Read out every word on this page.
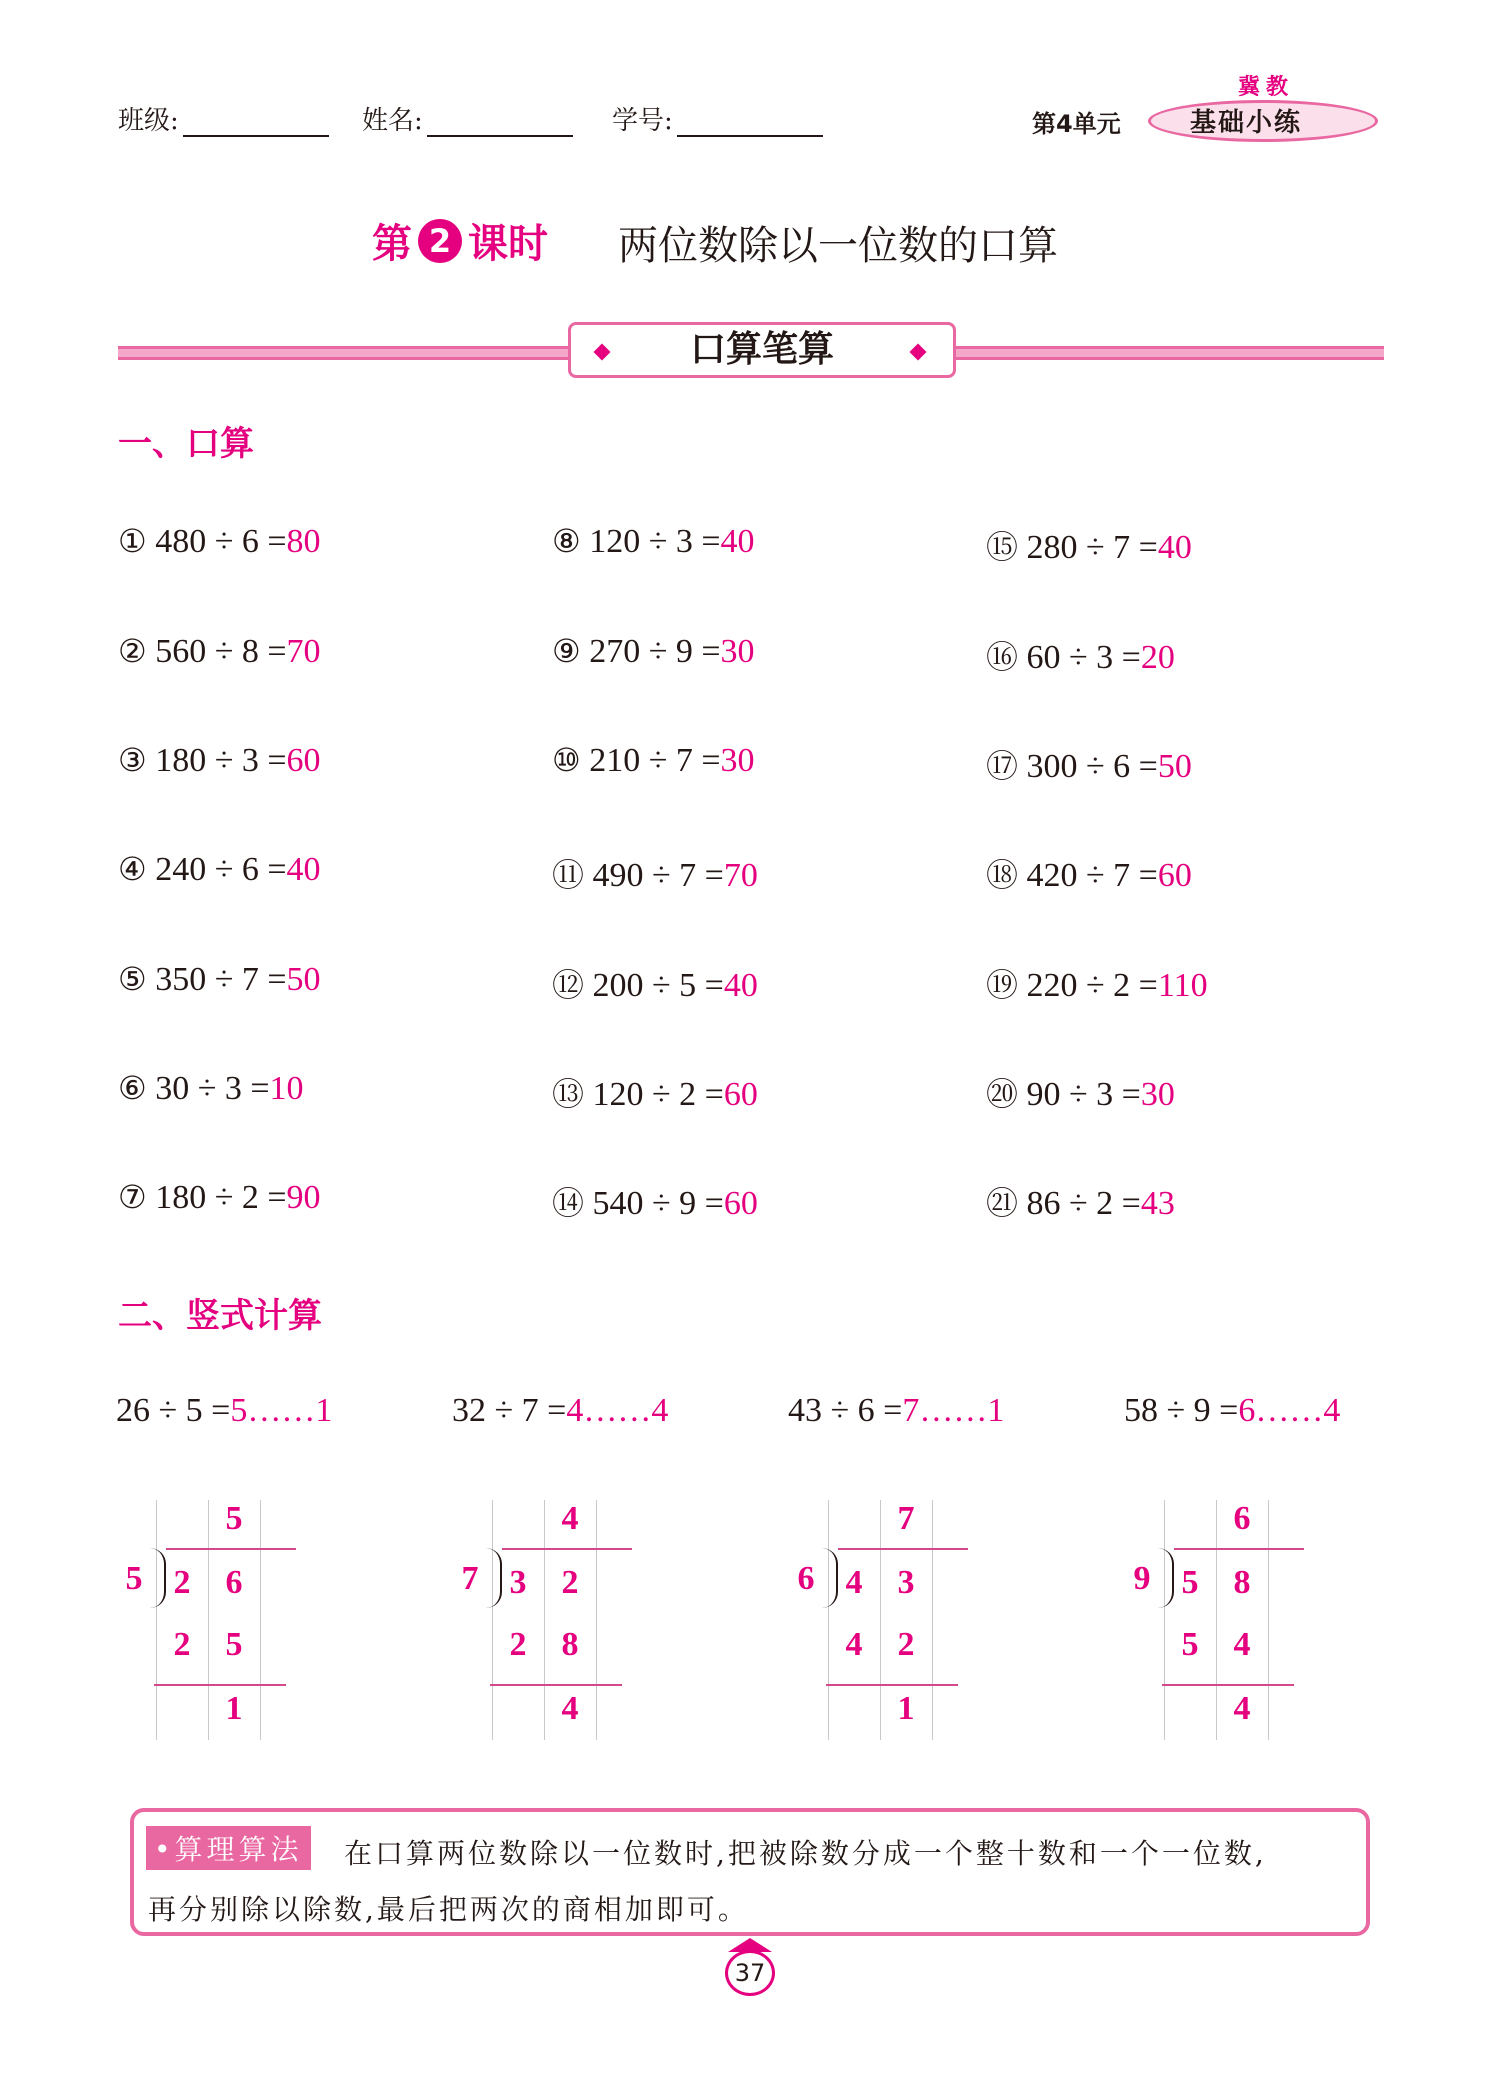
班级:	姓名:	学号:	第4单元
冀教
基础小练
第 2 课时 两位数除以一位数的口算
口算笔算
一、口算
① 480 ÷ 6 =80
② 560 ÷ 8 =70
③ 180 ÷ 3 =60
④ 240 ÷ 6 =40
⑤ 350 ÷ 7 =50
⑥ 30 ÷ 3 =10
⑦ 180 ÷ 2 =90
⑧ 120 ÷ 3 =40
⑨ 270 ÷ 9 =30
⑩ 210 ÷ 7 =30
⑪ 490 ÷ 7 =70
⑫ 200 ÷ 5 =40
⑬ 120 ÷ 2 =60
⑭ 540 ÷ 9 =60
⑮ 280 ÷ 7 =40
⑯ 60 ÷ 3 =20
⑰ 300 ÷ 6 =50
⑱ 420 ÷ 7 =60
⑲ 220 ÷ 2 =110
⑳ 90 ÷ 3 =30
㉑ 86 ÷ 2 =43
二、竖式计算
26 ÷ 5 =5……1
5
5
2	6
2	5
1
32 ÷ 7 =4……4
7
4
3	2
2	8
4
43 ÷ 6 =7……1
6
7
4	3
4	2
1
58 ÷ 9 =6……4
9
6
5	8
5	4
4
•算理算法 在口算两位数除以一位数时,把被除数分成一个整十数和一个一位数,
再分别除以除数,最后把两次的商相加即可。
37
